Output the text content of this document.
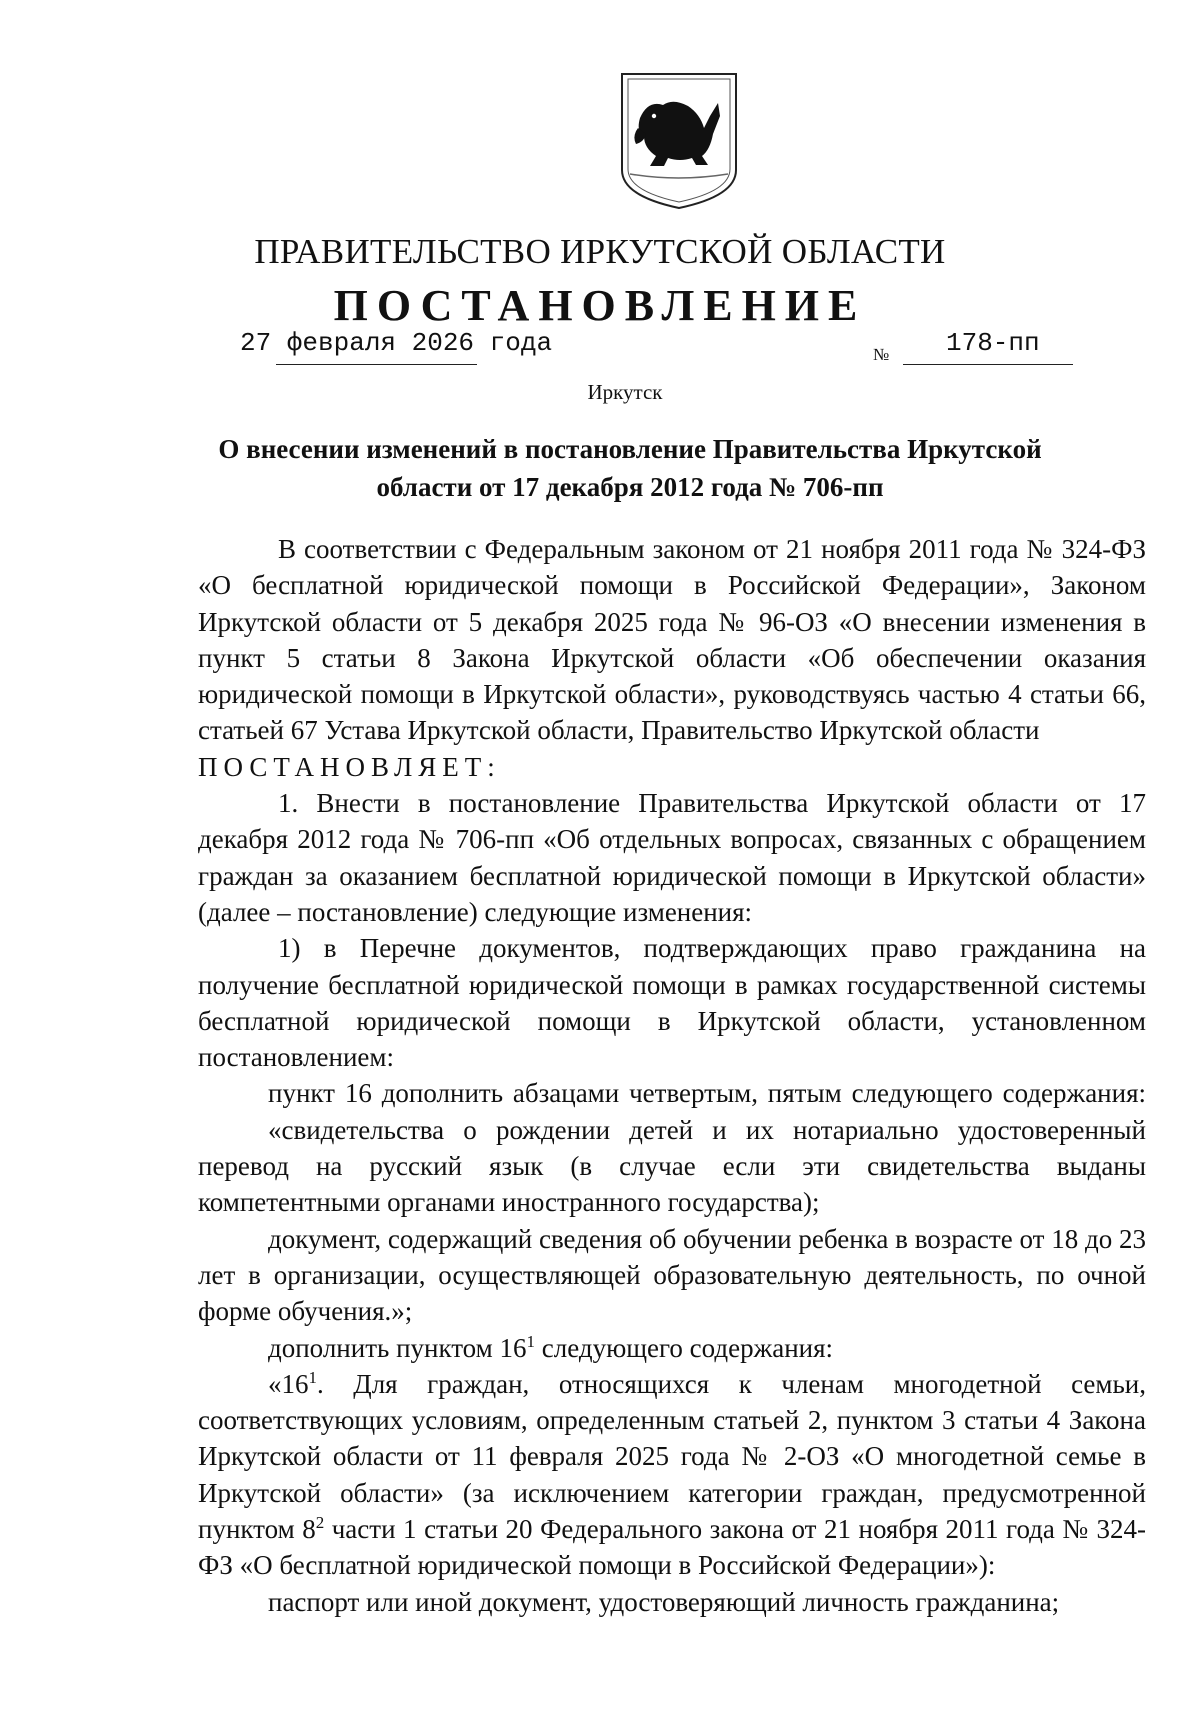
ПРАВИТЕЛЬСТВО ИРКУТСКОЙ ОБЛАСТИ
ПОСТАНОВЛЕНИЕ
27 февраля 2026 года	№ 178-пп
Иркутск
О внесении изменений в постановление Правительства Иркутской
области от 17 декабря 2012 года № 706-пп

В соответствии с Федеральным законом от 21 ноября 2011 года № 324-ФЗ «О бесплатной юридической помощи в Российской Федерации», Законом Иркутской области от 5 декабря 2025 года № 96-ОЗ «О внесении изменения в пункт 5 статьи 8 Закона Иркутской области «Об обеспечении оказания юридической помощи в Иркутской области», руководствуясь частью 4 статьи 66, статьей 67 Устава Иркутской области, Правительство Иркутской области

ПОСТАНОВЛЯЕТ:

1. Внести в постановление Правительства Иркутской области от 17 декабря 2012 года № 706-пп «Об отдельных вопросах, связанных с обращением граждан за оказанием бесплатной юридической помощи в Иркутской области» (далее – постановление) следующие изменения:

1) в Перечне документов, подтверждающих право гражданина на получение бесплатной юридической помощи в рамках государственной системы бесплатной юридической помощи в Иркутской области, установленном постановлением:

пункт 16 дополнить абзацами четвертым, пятым следующего содержания:

«свидетельства о рождении детей и их нотариально удостоверенный перевод на русский язык (в случае если эти свидетельства выданы компетентными органами иностранного государства);

документ, содержащий сведения об обучении ребенка в возрасте от 18 до 23 лет в организации, осуществляющей образовательную деятельность, по очной форме обучения.»;

дополнить пунктом $16^1$ следующего содержания:

«$16^1$. Для граждан, относящихся к членам многодетной семьи, соответствующих условиям, определенным статьей 2, пунктом 3 статьи 4 Закона Иркутской области от 11 февраля 2025 года № 2-ОЗ «О многодетной семье в Иркутской области» (за исключением категории граждан, предусмотренной пунктом $8^2$ части 1 статьи 20 Федерального закона от 21 ноября 2011 года № 324-ФЗ «О бесплатной юридической помощи в Российской Федерации»):

паспорт или иной документ, удостоверяющий личность гражданина;
